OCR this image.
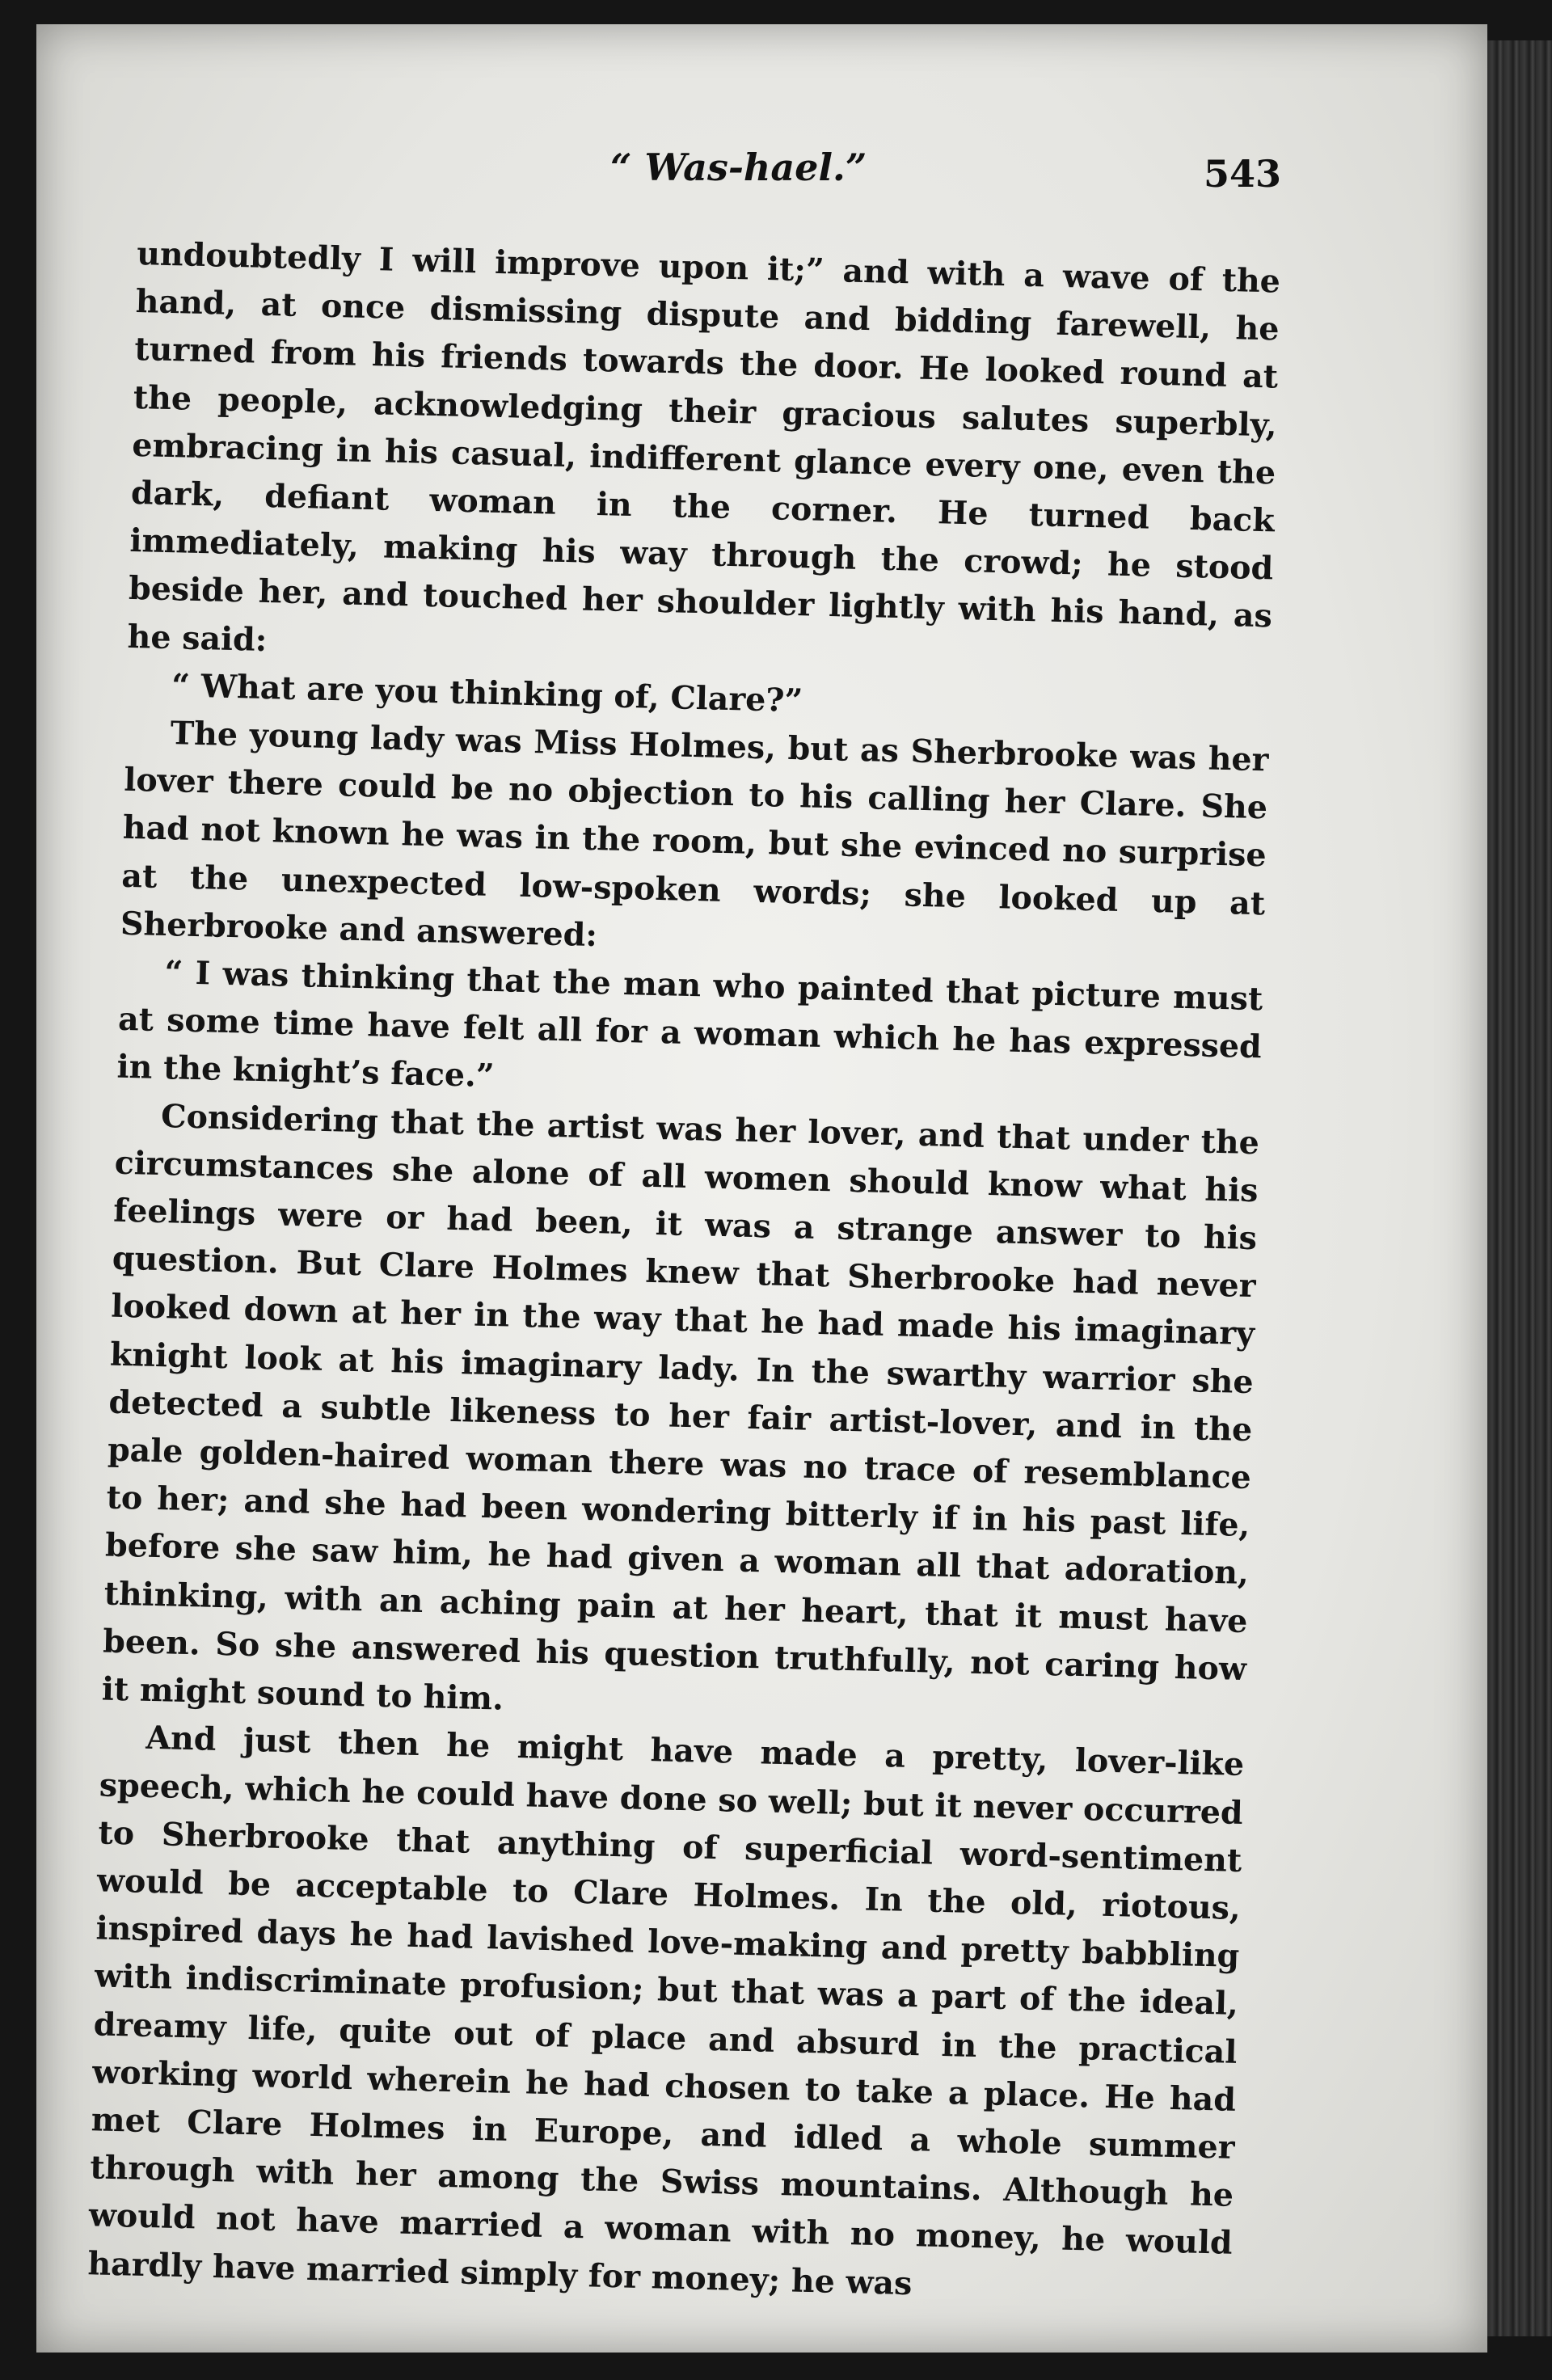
“ Was-hael.”	543

undoubtedly I will improve upon it;” and with a wave of the hand, at once dismissing dispute and bidding farewell, he turned from his friends towards the door. He looked round at the people, acknowledging their gracious salutes superbly, embracing in his casual, indifferent glance every one, even the dark, defiant woman in the corner. He turned back immediately, making his way through the crowd; he stood beside her, and touched her shoulder lightly with his hand, as he said:

“ What are you thinking of, Clare?”

The young lady was Miss Holmes, but as Sherbrooke was her lover there could be no objection to his calling her Clare. She had not known he was in the room, but she evinced no surprise at the unexpected low-spoken words; she looked up at Sherbrooke and answered:

“ I was thinking that the man who painted that picture must at some time have felt all for a woman which he has expressed in the knight’s face.”

Considering that the artist was her lover, and that under the circumstances she alone of all women should know what his feelings were or had been, it was a strange answer to his question. But Clare Holmes knew that Sherbrooke had never looked down at her in the way that he had made his imaginary knight look at his imaginary lady. In the swarthy warrior she detected a subtle likeness to her fair artist-lover, and in the pale golden-haired woman there was no trace of resemblance to her; and she had been wondering bitterly if in his past life, before she saw him, he had given a woman all that adoration, thinking, with an aching pain at her heart, that it must have been. So she answered his question truthfully, not caring how it might sound to him.

And just then he might have made a pretty, lover-like speech, which he could have done so well; but it never occurred to Sherbrooke that anything of superficial word-sentiment would be acceptable to Clare Holmes. In the old, riotous, inspired days he had lavished love-making and pretty babbling with indiscriminate profusion; but that was a part of the ideal, dreamy life, quite out of place and absurd in the practical working world wherein he had chosen to take a place. He had met Clare Holmes in Europe, and idled a whole summer through with her among the Swiss mountains. Although he would not have married a woman with no money, he would hardly have married simply for money; he was
